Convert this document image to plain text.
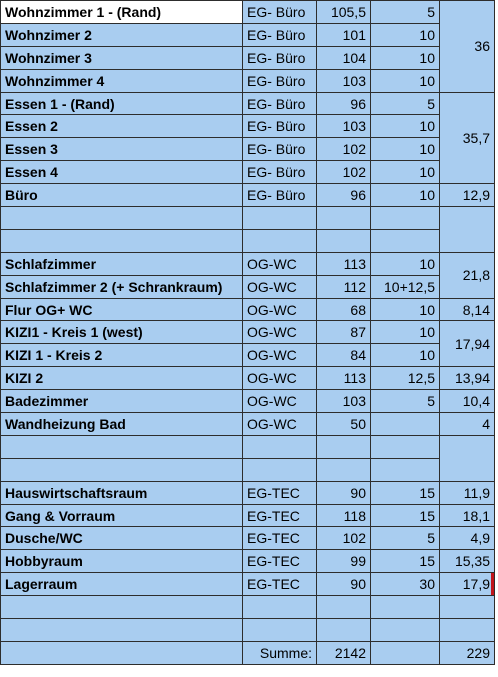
Wohnzimmer 1 - (Rand)	EG- Büro	105,5	5	36
Wohnzimer 2	EG- Büro	101	10	
Wohnzimer 3	EG- Büro	104	10	
Wohnzimmer 4	EG- Büro	103	10	
Essen 1 - (Rand)	EG- Büro	96	5	35,7
Essen 2	EG- Büro	103	10	
Essen 3	EG- Büro	102	10	
Essen 4	EG- Büro	102	10	
Büro	EG- Büro	96	10	12,9

Schlafzimmer	OG-WC	113	10	21,8
Schlafzimmer 2 (+ Schrankraum)	OG-WC	112	10+12,5	
Flur OG+ WC	OG-WC	68	10	8,14
KIZI1 - Kreis 1 (west)	OG-WC	87	10	17,94
KIZI 1 - Kreis 2	OG-WC	84	10	
KIZI 2	OG-WC	113	12,5	13,94
Badezimmer	OG-WC	103	5	10,4
Wandheizung Bad	OG-WC	50		4

Hauswirtschaftsraum	EG-TEC	90	15	11,9
Gang & Vorraum	EG-TEC	118	15	18,1
Dusche/WC	EG-TEC	102	5	4,9
Hobbyraum	EG-TEC	99	15	15,35
Lagerraum	EG-TEC	90	30	17,9

	Summe:	2142		229
